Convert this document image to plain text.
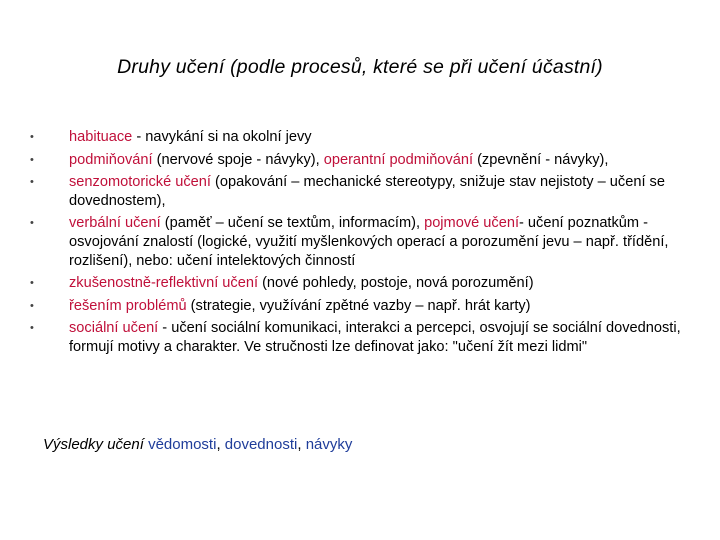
Druhy učení (podle procesů, které se při učení účastní)
•	habituace - navykání si na okolní jevy
•	podmiňování (nervové spoje - návyky), operantní podmiňování (zpevnění - návyky),
•	senzomotorické učení (opakování – mechanické stereotypy, snižuje stav nejistoty – učení se dovednostem),
•	verbální učení (paměť – učení se textům, informacím), pojmové učení- učení poznatkům - osvojování znalostí (logické, využití myšlenkových operací a porozumění jevu – např. třídění, rozlišení), nebo: učení intelektových činností
•	zkušenostně-reflektivní učení (nové pohledy, postoje, nová porozumění)
•	řešením problémů (strategie, využívání zpětné vazby – např. hrát karty)
•	sociální učení - učení sociální komunikaci, interakci a percepci, osvojují se sociální dovednosti, formují motivy a charakter. Ve stručnosti lze definovat jako: "učení žít mezi lidmi"
Výsledky učení vědomosti, dovednosti, návyky
